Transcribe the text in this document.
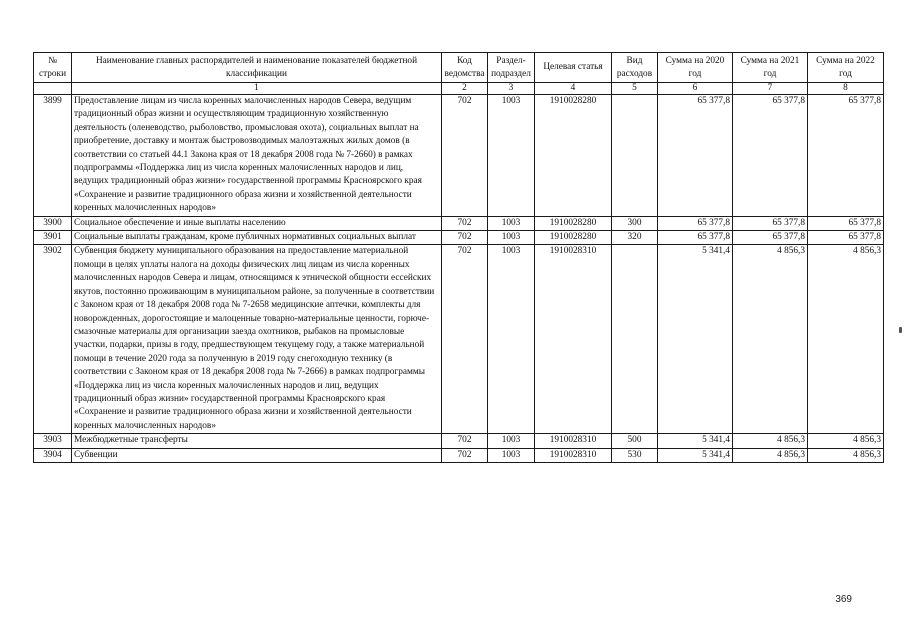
№ строки	Наименование главных распорядителей и наименование показателей бюджетной классификации	Код ведомства	Раздел-подраздел	Целевая статья	Вид расходов	Сумма на 2020 год	Сумма на 2021 год	Сумма на 2022 год
	1	2	3	4	5	6	7	8
3899	Предоставление лицам из числа коренных малочисленных народов Севера, ведущим традиционный образ жизни и осуществляющим традиционную хозяйственную деятельность (оленеводство, рыболовство, промысловая охота), социальных выплат на приобретение, доставку и монтаж быстровозводимых малоэтажных жилых домов (в соответствии со статьей 44.1 Закона края от 18 декабря 2008 года № 7-2660) в рамках подпрограммы «Поддержка лиц из числа коренных малочисленных народов и лиц, ведущих традиционный образ жизни» государственной программы Красноярского края «Сохранение и развитие традиционного образа жизни и хозяйственной деятельности коренных малочисленных народов»	702	1003	1910028280		65 377,8	65 377,8	65 377,8
3900	Социальное обеспечение и иные выплаты населению	702	1003	1910028280	300	65 377,8	65 377,8	65 377,8
3901	Социальные выплаты гражданам, кроме публичных нормативных социальных выплат	702	1003	1910028280	320	65 377,8	65 377,8	65 377,8
3902	Субвенция бюджету муниципального образования на предоставление материальной помощи в целях уплаты налога на доходы физических лиц лицам из числа коренных малочисленных народов Севера и лицам, относящимся к этнической общности ессейских якутов, постоянно проживающим в муниципальном районе, за полученные в соответствии с Законом края от 18 декабря 2008 года № 7-2658 медицинские аптечки, комплекты для новорожденных, дорогостоящие и малоценные товарно-материальные ценности, горюче-смазочные материалы для организации заезда охотников, рыбаков на промысловые участки, подарки, призы в году, предшествующем текущему году, а также материальной помощи в течение 2020 года за полученную в 2019 году снегоходную технику (в соответствии с Законом края от 18 декабря 2008 года № 7-2666) в рамках подпрограммы «Поддержка лиц из числа коренных малочисленных народов и лиц, ведущих традиционный образ жизни» государственной программы Красноярского края «Сохранение и развитие традиционного образа жизни и хозяйственной деятельности коренных малочисленных народов»	702	1003	1910028310		5 341,4	4 856,3	4 856,3
3903	Межбюджетные трансферты	702	1003	1910028310	500	5 341,4	4 856,3	4 856,3
3904	Субвенции	702	1003	1910028310	530	5 341,4	4 856,3	4 856,3
369
